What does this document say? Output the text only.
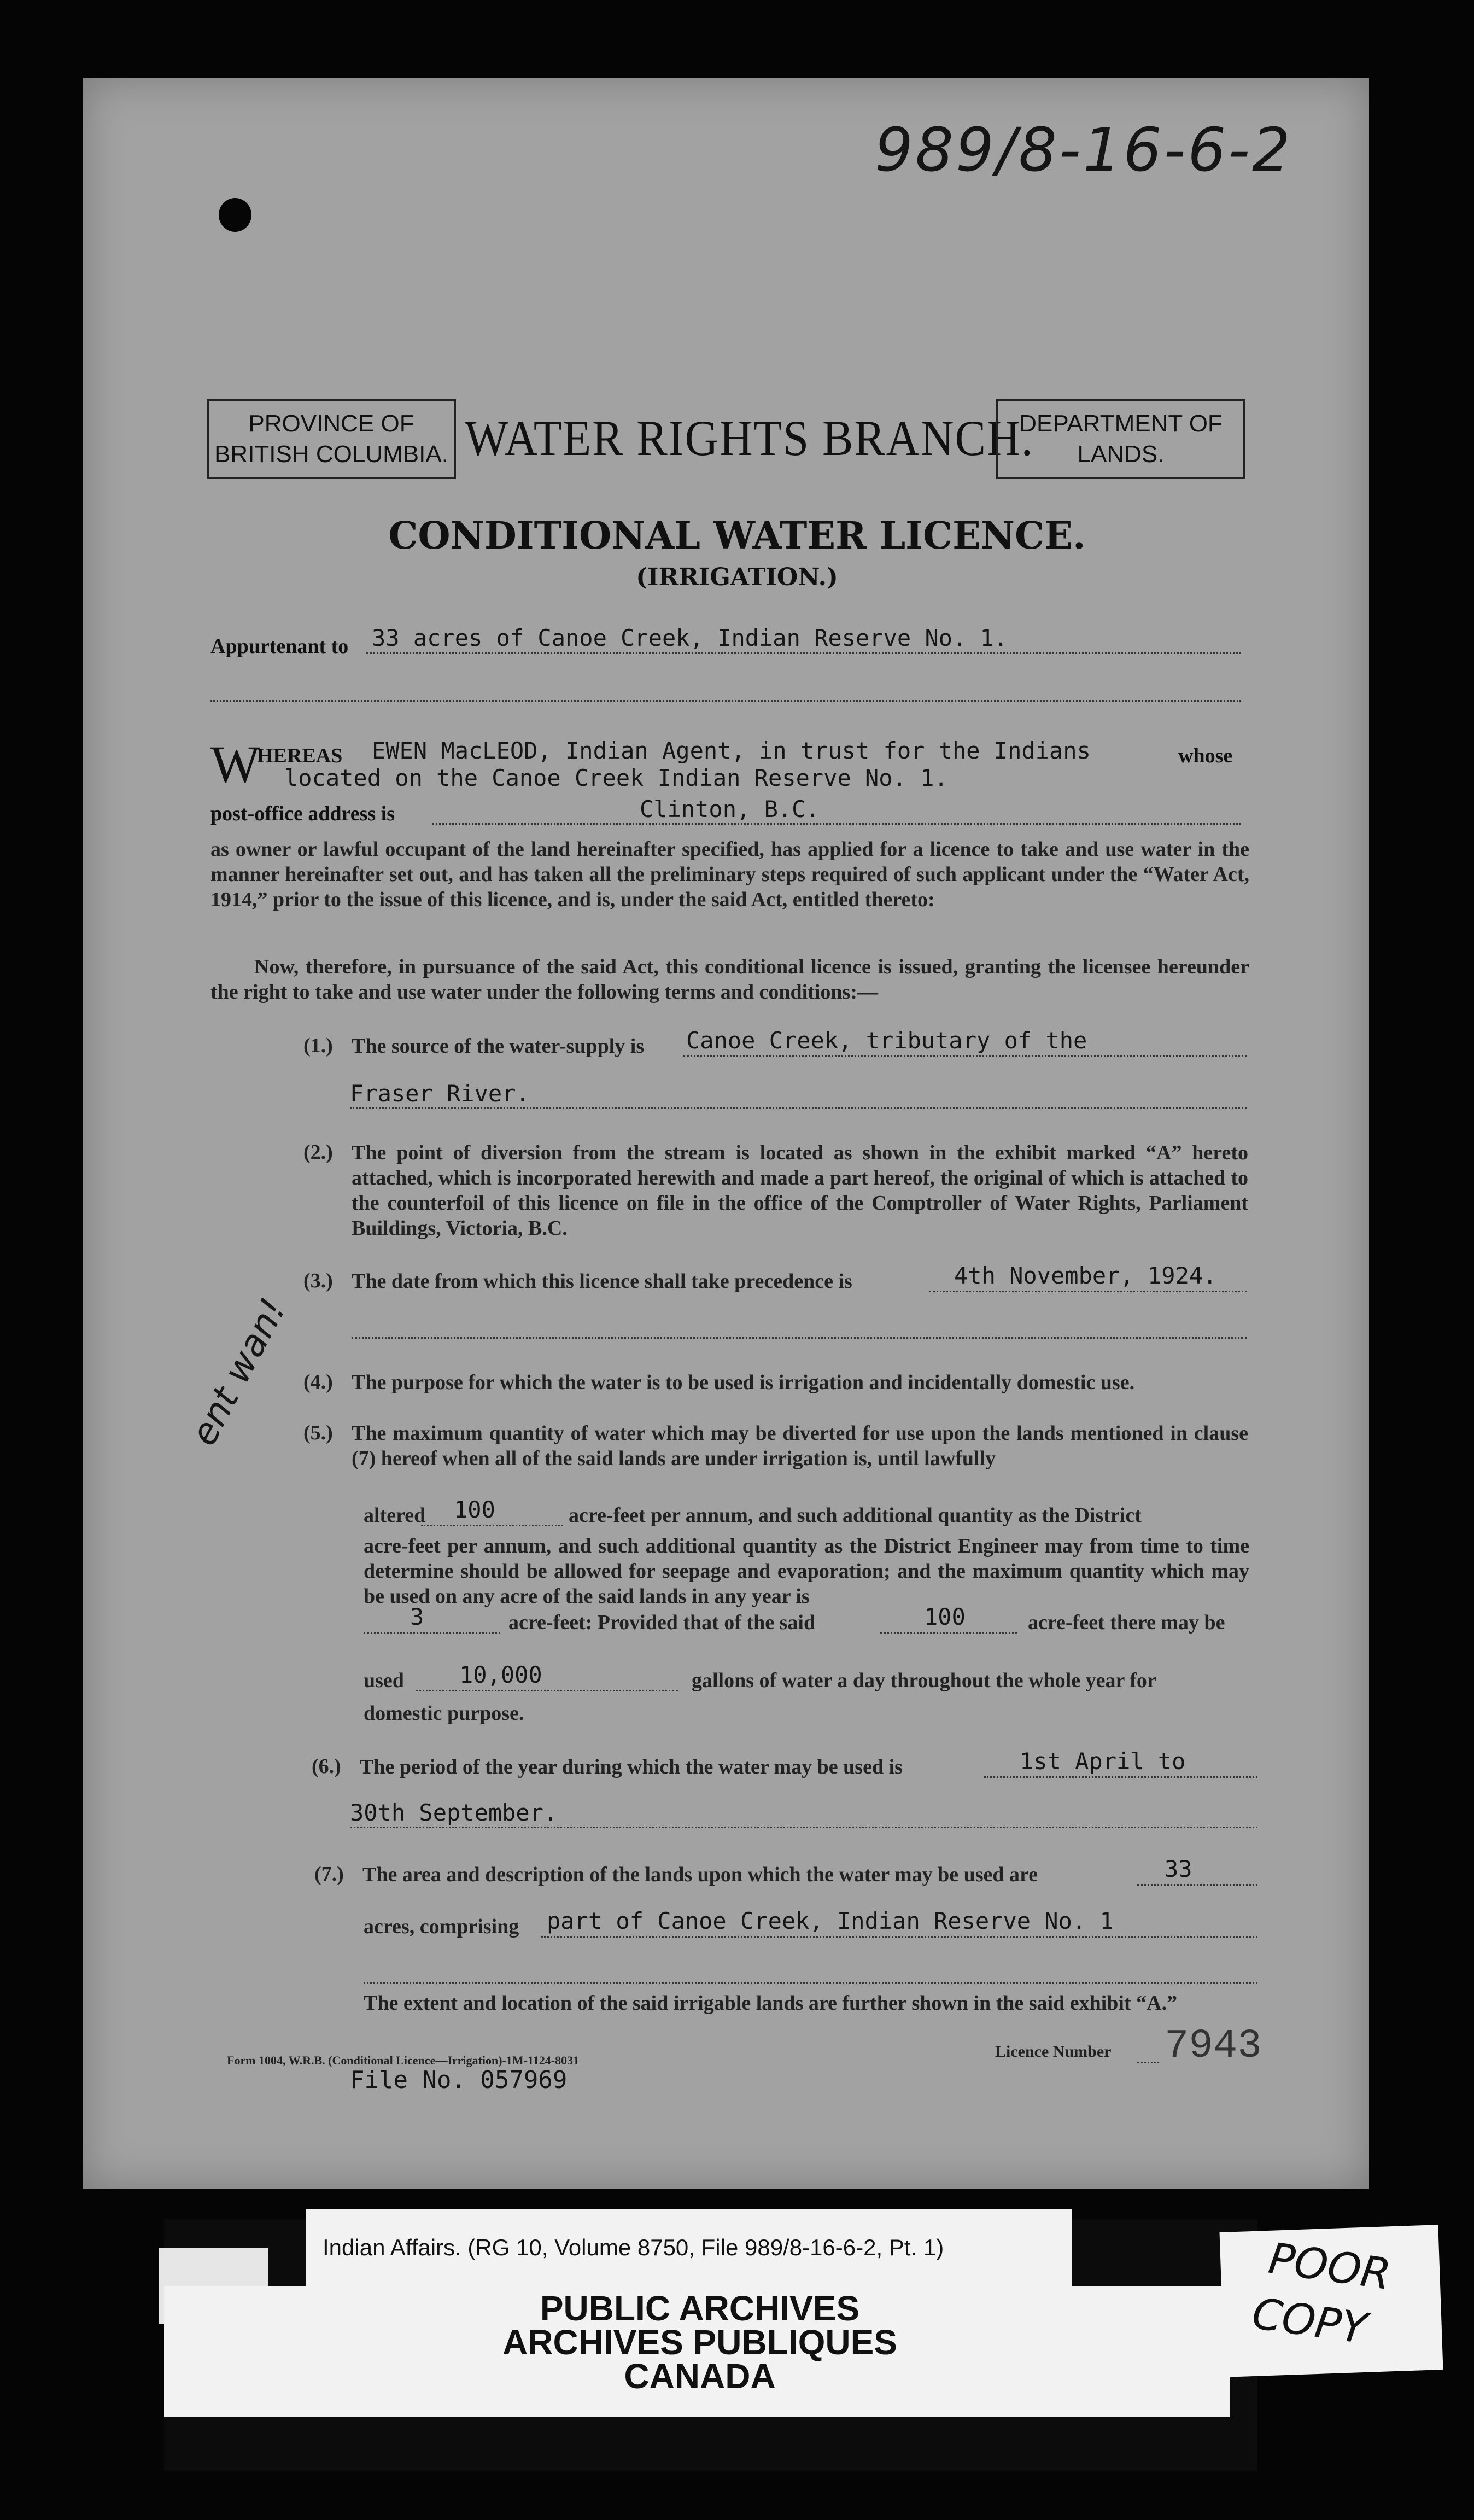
989/8-16-6-2
PROVINCE OF
BRITISH COLUMBIA. WATER RIGHTS BRANCH.
DEPARTMENT OF
LANDS.
CONDITIONAL WATER LICENCE.
(IRRIGATION.)
Appurtenant to 33 acres of Canoe Creek, Indian Reserve No. 1.
W
HEREAS EWEN MacLEOD, Indian Agent, in trust for the Indians	whose
located on the Canoe Creek Indian Reserve No. 1.
post-office address is	Clinton, B.C.
as owner or lawful occupant of the land hereinafter specified, has applied for a licence to take and use water in the manner hereinafter set out, and has taken all the preliminary steps required of such applicant under the “Water Act, 1914,” prior to the issue of this licence, and is, under the said Act, entitled thereto:
Now, therefore, in pursuance of the said Act, this conditional licence is issued, granting the licensee hereunder the right to take and use water under the following terms and conditions:—
(1.) The source of the water-supply is Canoe Creek, tributary of the
Fraser River.
(2.) The point of diversion from the stream is located as shown in the exhibit marked “A” hereto attached, which is incorporated herewith and made a part hereof, the original of which is attached to the counterfoil of this licence on file in the office of the Comptroller of Water Rights, Parliament Buildings, Victoria, B.C.
(3.) The date from which this licence shall take precedence is	4th November, 1924.
(4.) The purpose for which the water is to be used is irrigation and incidentally domestic use.
(5.) The maximum quantity of water which may be diverted for use upon the lands mentioned in clause (7) hereof when all of the said lands are under irrigation is, until lawfully
altered 100	acre-feet per annum, and such additional quantity as the District
acre-feet per annum, and such additional quantity as the District Engineer may from time to time determine should be allowed for seepage and evaporation; and the maximum quantity which may be used on any acre of the said lands in any year is
3	acre-feet: Provided that of the said	100	acre-feet there may be
used 10,000	gallons of water a day throughout the whole year for
domestic purpose.
(6.) The period of the year during which the water may be used is	1st April to
30th September.
(7.) The area and description of the lands upon which the water may be used are	33
acres, comprising part of Canoe Creek, Indian Reserve No. 1
The extent and location of the said irrigable lands are further shown in the said exhibit “A.”
Form 1004, W.R.B. (Conditional Licence—Irrigation)-1M-1124-8031	Licence Number 7943
File No. 057969
ent wan!
Indian Affairs. (RG 10, Volume 8750, File 989/8-16-6-2, Pt. 1)
PUBLIC ARCHIVES
ARCHIVES PUBLIQUES
CANADA
POOR
COPY
